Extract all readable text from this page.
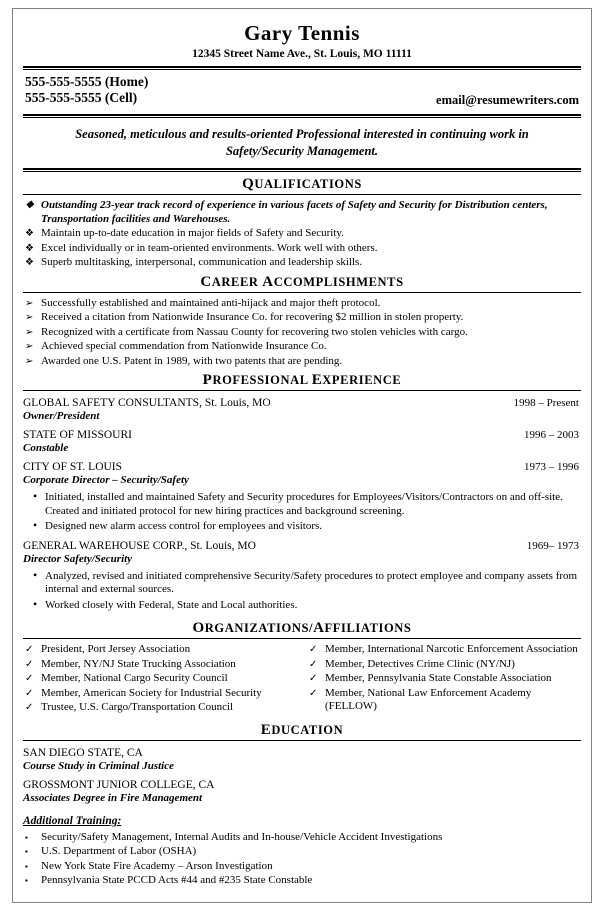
Gary Tennis
12345 Street Name Ave., St. Louis, MO 11111
555-555-5555 (Home)
555-555-5555 (Cell)	email@resumewriters.com
Seasoned, meticulous and results-oriented Professional interested in continuing work in Safety/Security Management.
QUALIFICATIONS
❖ Outstanding 23-year track record of experience in various facets of Safety and Security for Distribution centers, Transportation facilities and Warehouses.
❖ Maintain up-to-date education in major fields of Safety and Security.
❖ Excel individually or in team-oriented environments. Work well with others.
❖ Superb multitasking, interpersonal, communication and leadership skills.
CAREER ACCOMPLISHMENTS
➢ Successfully established and maintained anti-hijack and major theft protocol.
➢ Received a citation from Nationwide Insurance Co. for recovering $2 million in stolen property.
➢ Recognized with a certificate from Nassau County for recovering two stolen vehicles with cargo.
➢ Achieved special commendation from Nationwide Insurance Co.
➢ Awarded one U.S. Patent in 1989, with two patents that are pending.
PROFESSIONAL EXPERIENCE
GLOBAL SAFETY CONSULTANTS, St. Louis, MO	1998 – Present
Owner/President
STATE OF MISSOURI	1996 – 2003
Constable
CITY OF ST. LOUIS	1973 – 1996
Corporate Director – Security/Safety
• Initiated, installed and maintained Safety and Security procedures for Employees/Visitors/Contractors on and off-site. Created and initiated protocol for new hiring practices and background screening.
• Designed new alarm access control for employees and visitors.
GENERAL WAREHOUSE CORP., St. Louis, MO	1969– 1973
Director Safety/Security
• Analyzed, revised and initiated comprehensive Security/Safety procedures to protect employee and company assets from internal and external sources.
• Worked closely with Federal, State and Local authorities.
ORGANIZATIONS/AFFILIATIONS
✓ President, Port Jersey Association
✓ Member, NY/NJ State Trucking Association
✓ Member, National Cargo Security Council
✓ Member, American Society for Industrial Security
✓ Trustee, U.S. Cargo/Transportation Council
✓ Member, International Narcotic Enforcement Association
✓ Member, Detectives Crime Clinic (NY/NJ)
✓ Member, Pennsylvania State Constable Association
✓ Member, National Law Enforcement Academy (FELLOW)
EDUCATION
SAN DIEGO STATE, CA
Course Study in Criminal Justice
GROSSMONT JUNIOR COLLEGE, CA
Associates Degree in Fire Management
Additional Training:
▪ Security/Safety Management, Internal Audits and In-house/Vehicle Accident Investigations
▪ U.S. Department of Labor (OSHA)
▪ New York State Fire Academy – Arson Investigation
▪ Pennsylvania State PCCD Acts #44 and #235 State Constable
